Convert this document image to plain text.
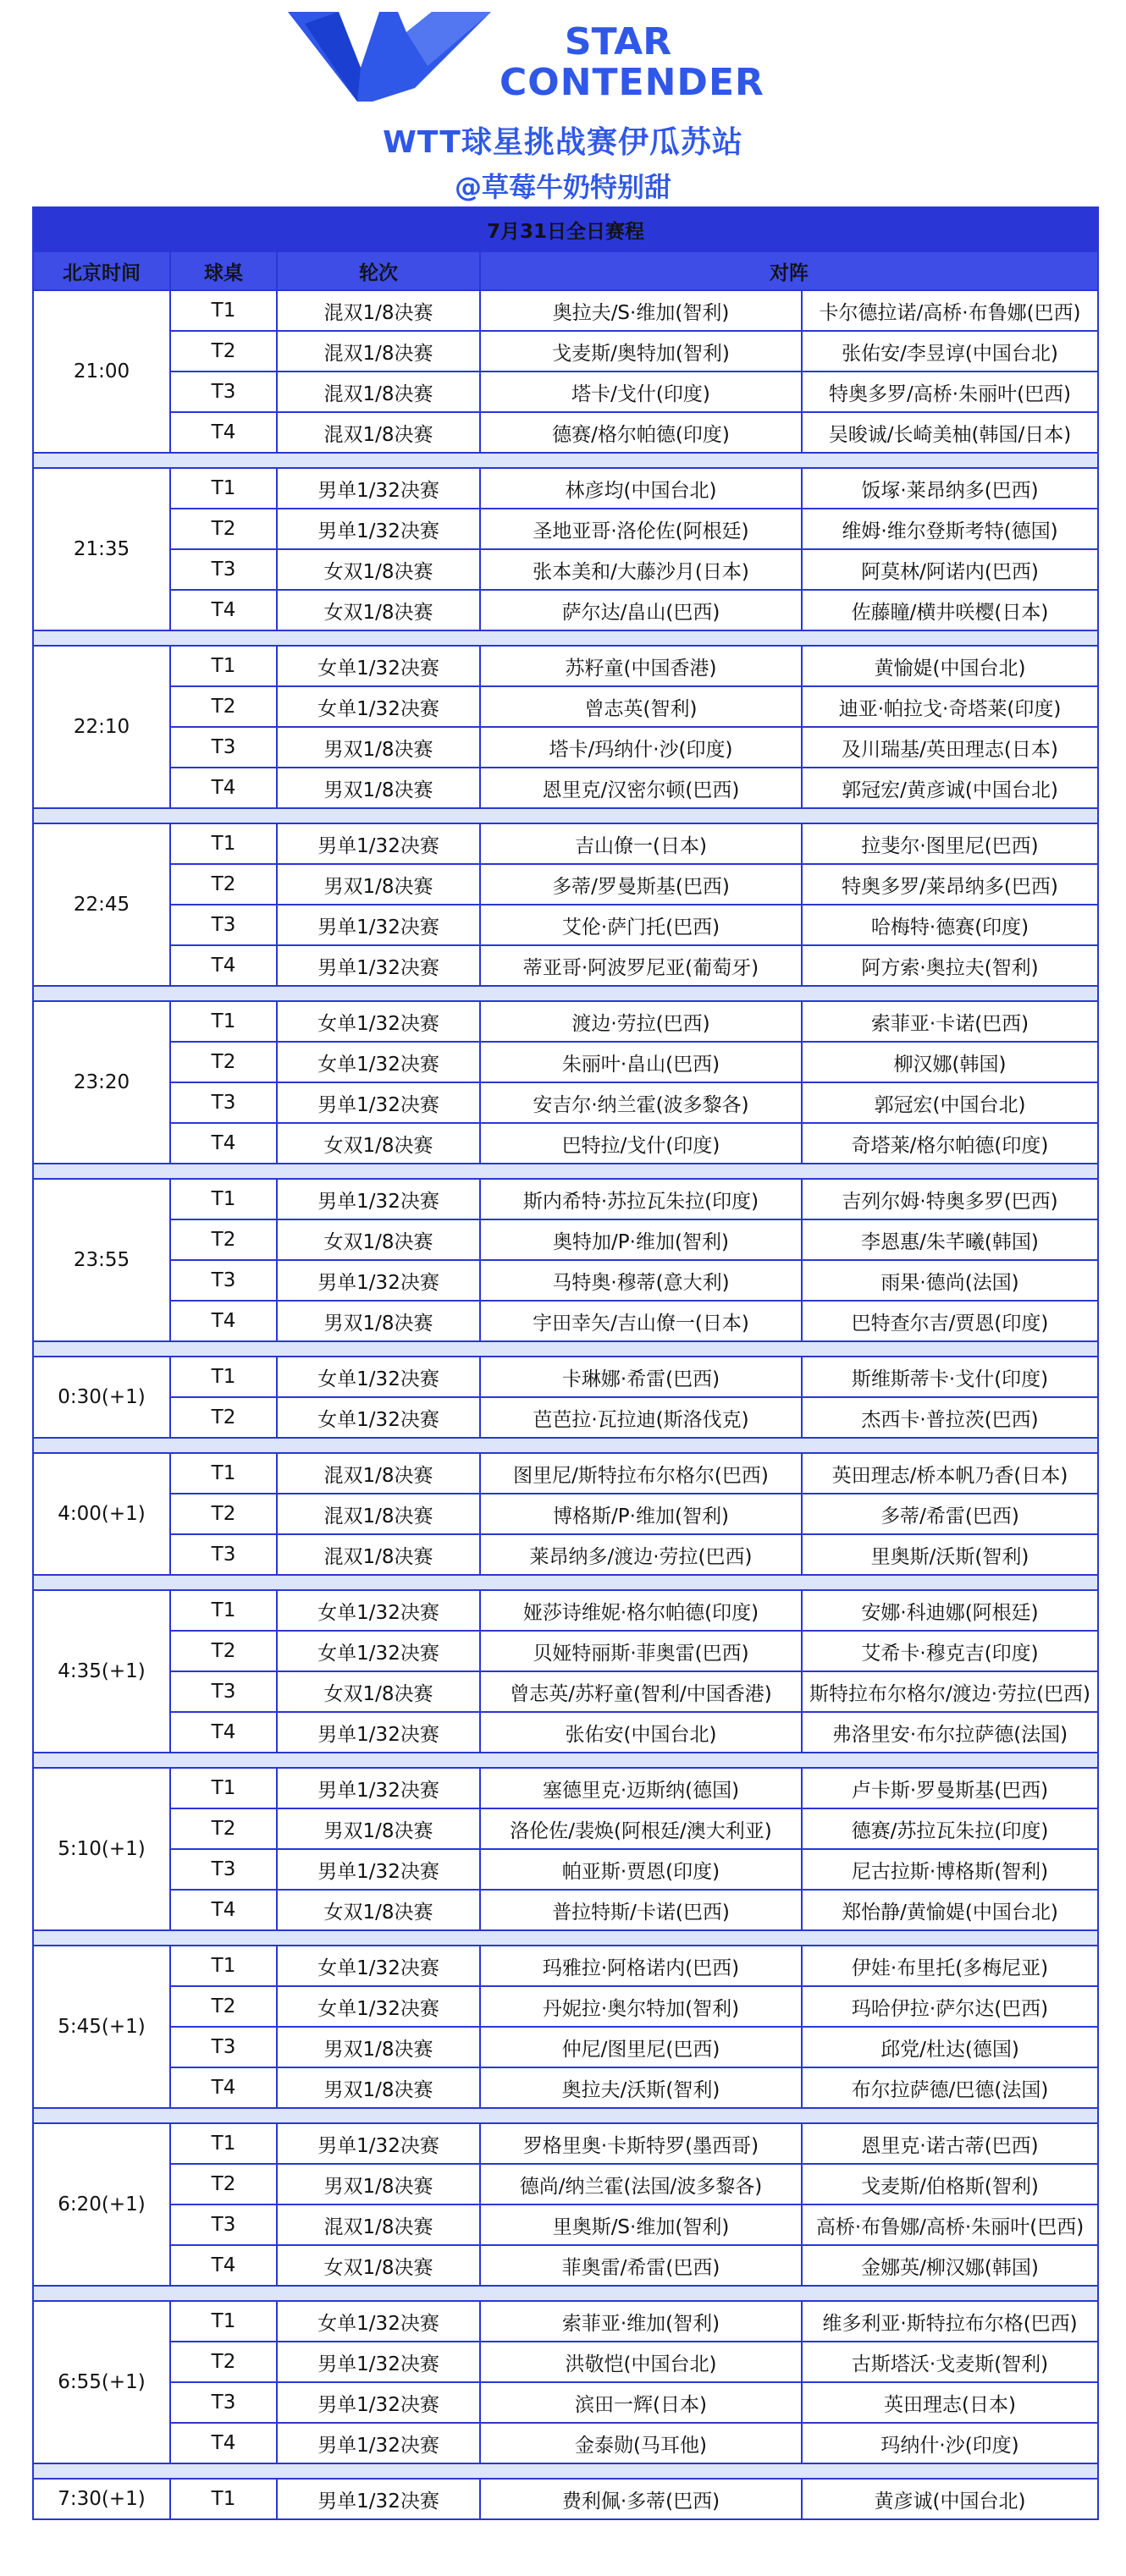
STAR
CONTENDER
WTT球星挑战赛伊瓜苏站
@草莓牛奶特别甜
7月31日全日赛程				
北京时间	球桌	轮次	对阵	
21:00	T1	混双1/8决赛	奥拉夫/S·维加(智利)	卡尔德拉诺/高桥·布鲁娜(巴西)
	T2	混双1/8决赛	戈麦斯/奥特加(智利)	张佑安/李昱谆(中国台北)
	T3	混双1/8决赛	塔卡/戈什(印度)	特奥多罗/高桥·朱丽叶(巴西)
	T4	混双1/8决赛	德赛/格尔帕德(印度)	吴晙诚/长崎美柚(韩国/日本)

21:35	T1	男单1/32决赛	林彦均(中国台北)	饭塚·莱昂纳多(巴西)
	T2	男单1/32决赛	圣地亚哥·洛伦佐(阿根廷)	维姆·维尔登斯考特(德国)
	T3	女双1/8决赛	张本美和/大藤沙月(日本)	阿莫林/阿诺内(巴西)
	T4	女双1/8决赛	萨尔达/畠山(巴西)	佐藤瞳/横井咲樱(日本)

22:10	T1	女单1/32决赛	苏籽童(中国香港)	黄愉媞(中国台北)
	T2	女单1/32决赛	曾志英(智利)	迪亚·帕拉戈·奇塔莱(印度)
	T3	男双1/8决赛	塔卡/玛纳什·沙(印度)	及川瑞基/英田理志(日本)
	T4	男双1/8决赛	恩里克/汉密尔顿(巴西)	郭冠宏/黄彦诚(中国台北)

22:45	T1	男单1/32决赛	吉山僚一(日本)	拉斐尔·图里尼(巴西)
	T2	男双1/8决赛	多蒂/罗曼斯基(巴西)	特奥多罗/莱昂纳多(巴西)
	T3	男单1/32决赛	艾伦·萨门托(巴西)	哈梅特·德赛(印度)
	T4	男单1/32决赛	蒂亚哥·阿波罗尼亚(葡萄牙)	阿方索·奥拉夫(智利)

23:20	T1	女单1/32决赛	渡边·劳拉(巴西)	索菲亚·卡诺(巴西)
	T2	女单1/32决赛	朱丽叶·畠山(巴西)	柳汉娜(韩国)
	T3	男单1/32决赛	安吉尔·纳兰霍(波多黎各)	郭冠宏(中国台北)
	T4	女双1/8决赛	巴特拉/戈什(印度)	奇塔莱/格尔帕德(印度)

23:55	T1	男单1/32决赛	斯内希特·苏拉瓦朱拉(印度)	吉列尔姆·特奥多罗(巴西)
	T2	女双1/8决赛	奥特加/P·维加(智利)	李恩惠/朱芊曦(韩国)
	T3	男单1/32决赛	马特奥·穆蒂(意大利)	雨果·德尚(法国)
	T4	男双1/8决赛	宇田幸矢/吉山僚一(日本)	巴特查尔吉/贾恩(印度)

0:30(+1)	T1	女单1/32决赛	卡琳娜·希雷(巴西)	斯维斯蒂卡·戈什(印度)
	T2	女单1/32决赛	芭芭拉·瓦拉迪(斯洛伐克)	杰西卡·普拉茨(巴西)

4:00(+1)	T1	混双1/8决赛	图里尼/斯特拉布尔格尔(巴西)	英田理志/桥本帆乃香(日本)
	T2	混双1/8决赛	博格斯/P·维加(智利)	多蒂/希雷(巴西)
	T3	混双1/8决赛	莱昂纳多/渡边·劳拉(巴西)	里奥斯/沃斯(智利)

4:35(+1)	T1	女单1/32决赛	娅莎诗维妮·格尔帕德(印度)	安娜·科迪娜(阿根廷)
	T2	女单1/32决赛	贝娅特丽斯·菲奥雷(巴西)	艾希卡·穆克吉(印度)
	T3	女双1/8决赛	曾志英/苏籽童(智利/中国香港)	斯特拉布尔格尔/渡边·劳拉(巴西)
	T4	男单1/32决赛	张佑安(中国台北)	弗洛里安·布尔拉萨德(法国)

5:10(+1)	T1	男单1/32决赛	塞德里克·迈斯纳(德国)	卢卡斯·罗曼斯基(巴西)
	T2	男双1/8决赛	洛伦佐/裴焕(阿根廷/澳大利亚)	德赛/苏拉瓦朱拉(印度)
	T3	男单1/32决赛	帕亚斯·贾恩(印度)	尼古拉斯·博格斯(智利)
	T4	女双1/8决赛	普拉特斯/卡诺(巴西)	郑怡静/黄愉媞(中国台北)

5:45(+1)	T1	女单1/32决赛	玛雅拉·阿格诺内(巴西)	伊娃·布里托(多梅尼亚)
	T2	女单1/32决赛	丹妮拉·奥尔特加(智利)	玛哈伊拉·萨尔达(巴西)
	T3	男双1/8决赛	仲尼/图里尼(巴西)	邱党/杜达(德国)
	T4	男双1/8决赛	奥拉夫/沃斯(智利)	布尔拉萨德/巴德(法国)

6:20(+1)	T1	男单1/32决赛	罗格里奥·卡斯特罗(墨西哥)	恩里克·诺古蒂(巴西)
	T2	男双1/8决赛	德尚/纳兰霍(法国/波多黎各)	戈麦斯/伯格斯(智利)
	T3	混双1/8决赛	里奥斯/S·维加(智利)	高桥·布鲁娜/高桥·朱丽叶(巴西)
	T4	女双1/8决赛	菲奥雷/希雷(巴西)	金娜英/柳汉娜(韩国)

6:55(+1)	T1	女单1/32决赛	索菲亚·维加(智利)	维多利亚·斯特拉布尔格(巴西)
	T2	男单1/32决赛	洪敬恺(中国台北)	古斯塔沃·戈麦斯(智利)
	T3	男单1/32决赛	滨田一辉(日本)	英田理志(日本)
	T4	男单1/32决赛	金泰勋(马耳他)	玛纳什·沙(印度)

7:30(+1)	T1	男单1/32决赛	费利佩·多蒂(巴西)	黄彦诚(中国台北)
